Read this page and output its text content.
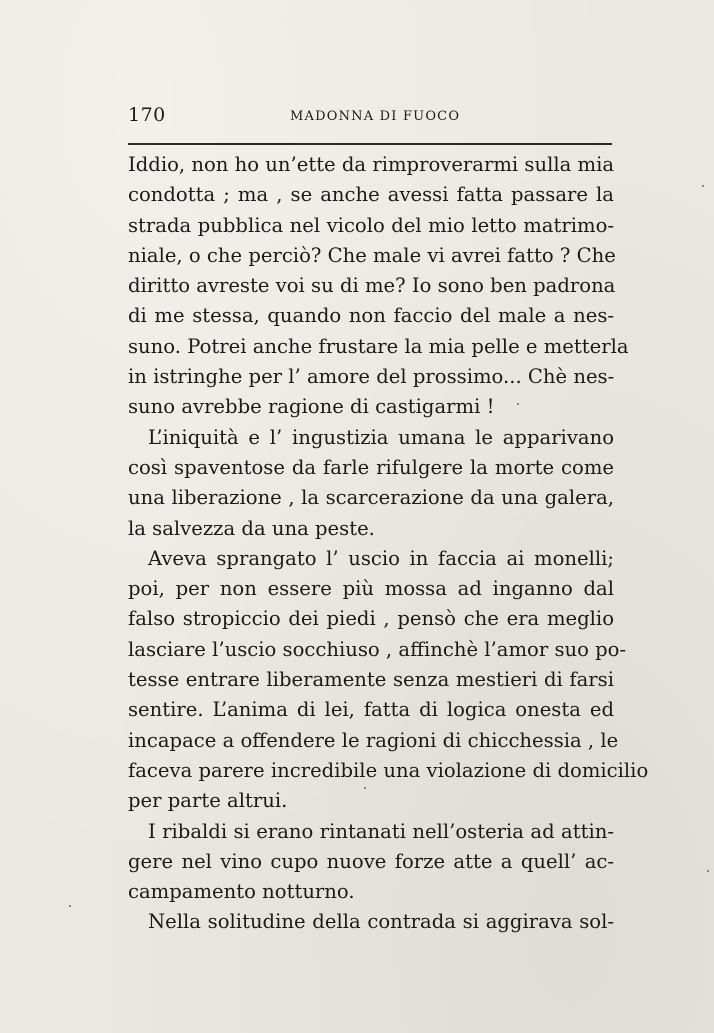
170	MADONNA DI FUOCO
Iddio, non ho un’ette da rimproverarmi sulla mia
condotta ; ma , se anche avessi fatta passare la
strada pubblica nel vicolo del mio letto matrimo-
niale, o che perciò? Che male vi avrei fatto ? Che
diritto avreste voi su di me? Io sono ben padrona
di me stessa, quando non faccio del male a nes-
suno. Potrei anche frustare la mia pelle e metterla
in istringhe per l’ amore del prossimo... Chè nes-
suno avrebbe ragione di castigarmi !
L’iniquità e l’ ingustizia umana le apparivano
così spaventose da farle rifulgere la morte come
una liberazione , la scarcerazione da una galera,
la salvezza da una peste.
Aveva sprangato l’ uscio in faccia ai monelli;
poi, per non essere più mossa ad inganno dal
falso stropiccio dei piedi , pensò che era meglio
lasciare l’uscio socchiuso , affinchè l’amor suo po-
tesse entrare liberamente senza mestieri di farsi
sentire. L’anima di lei, fatta di logica onesta ed
incapace a offendere le ragioni di chicchessia , le
faceva parere incredibile una violazione di domicilio
per parte altrui.
I ribaldi si erano rintanati nell’osteria ad attin-
gere nel vino cupo nuove forze atte a quell’ ac-
campamento notturno.
Nella solitudine della contrada si aggirava sol-
